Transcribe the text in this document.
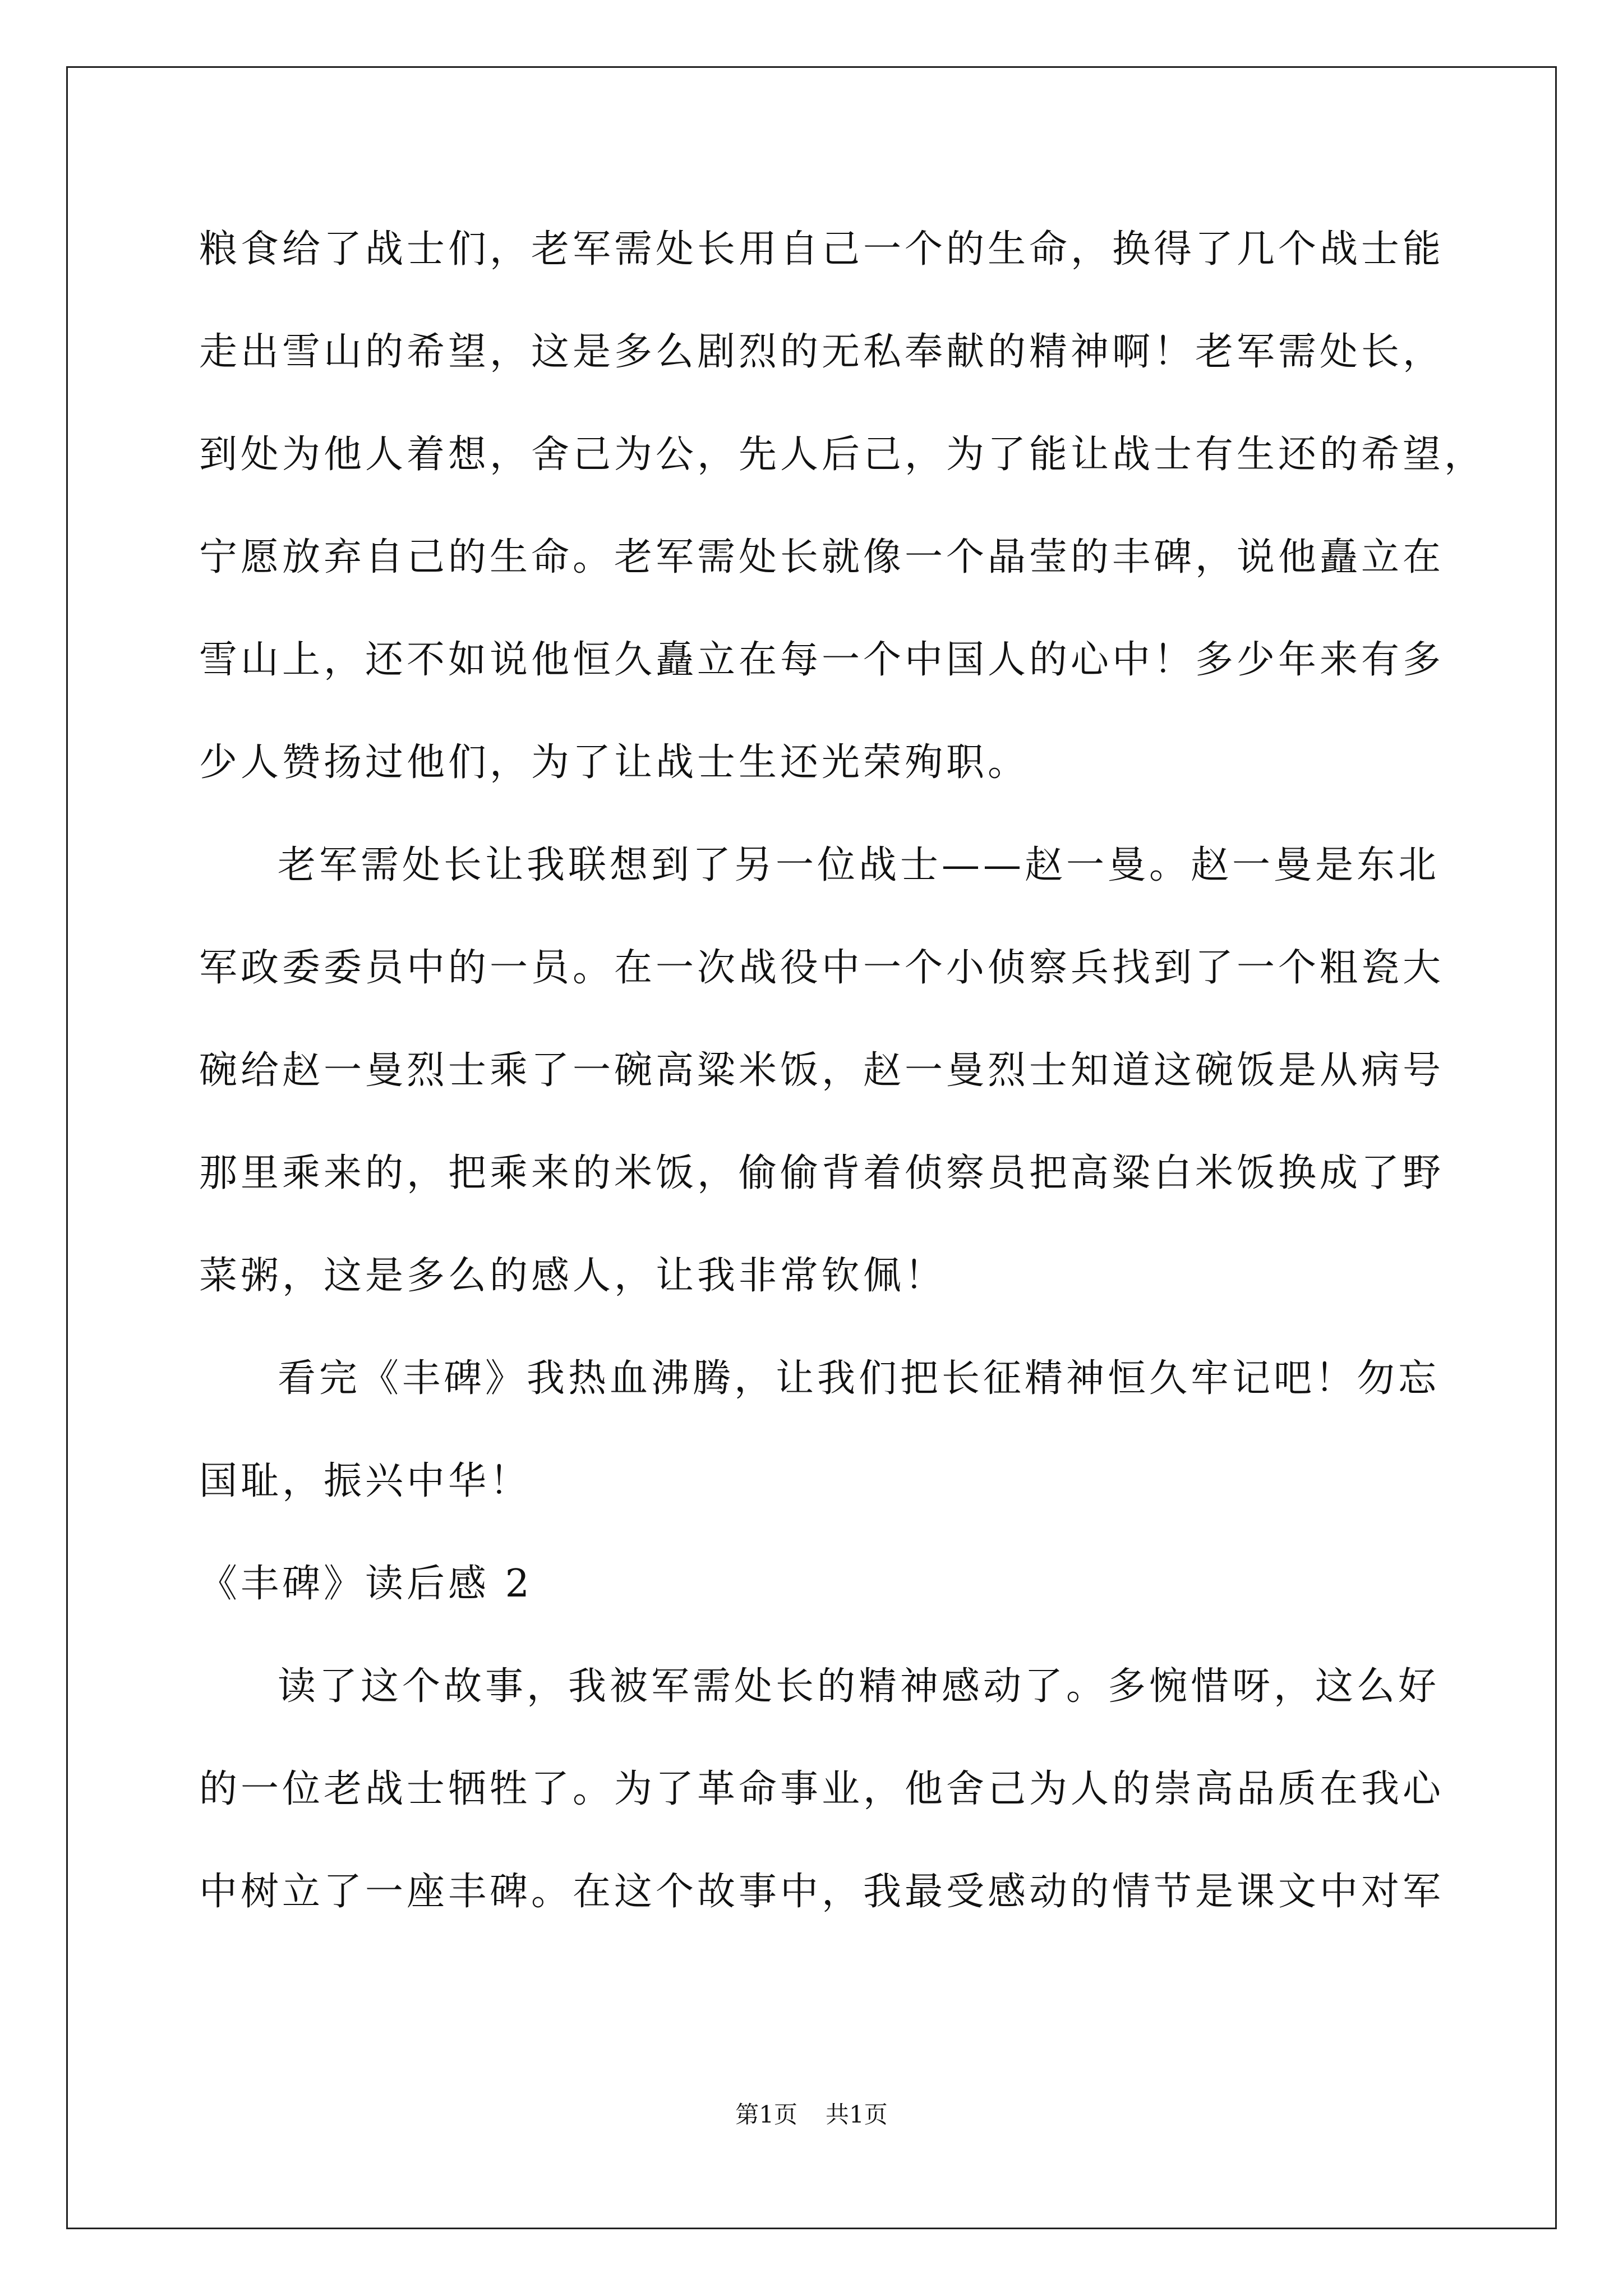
粮食给了战士们，老军需处长用自己一个的生命，换得了几个战士能
走出雪山的希望，这是多么剧烈的无私奉献的精神啊！老军需处长，
到处为他人着想，舍己为公，先人后己，为了能让战士有生还的希望，
宁愿放弃自己的生命。老军需处长就像一个晶莹的丰碑，说他矗立在
雪山上，还不如说他恒久矗立在每一个中国人的心中！多少年来有多
少人赞扬过他们，为了让战士生还光荣殉职。
老军需处长让我联想到了另一位战士——赵一曼。赵一曼是东北
军政委委员中的一员。在一次战役中一个小侦察兵找到了一个粗瓷大
碗给赵一曼烈士乘了一碗高粱米饭，赵一曼烈士知道这碗饭是从病号
那里乘来的，把乘来的米饭，偷偷背着侦察员把高粱白米饭换成了野
菜粥，这是多么的感人，让我非常钦佩！
看完《丰碑》我热血沸腾，让我们把长征精神恒久牢记吧！勿忘
国耻，振兴中华！
《丰碑》读后感 2
读了这个故事，我被军需处长的精神感动了。多惋惜呀，这么好
的一位老战士牺牲了。为了革命事业，他舍己为人的崇高品质在我心
中树立了一座丰碑。在这个故事中，我最受感动的情节是课文中对军
第1页 共1页
